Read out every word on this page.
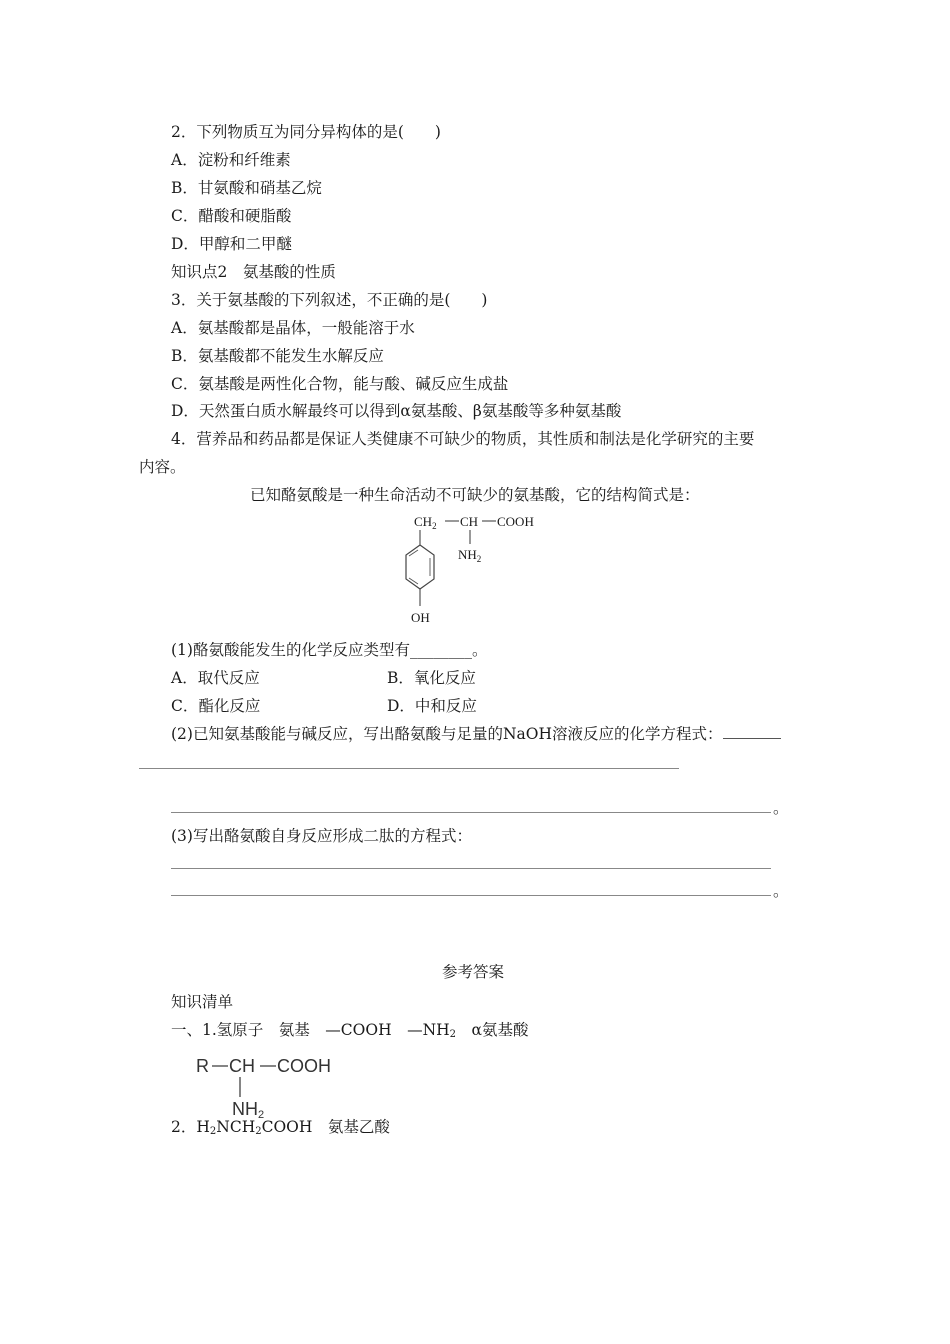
2．下列物质互为同分异构体的是(　　)
A．淀粉和纤维素
B．甘氨酸和硝基乙烷
C．醋酸和硬脂酸
D．甲醇和二甲醚
知识点2　氨基酸的性质
3．关于氨基酸的下列叙述，不正确的是(　　)
A．氨基酸都是晶体，一般能溶于水
B．氨基酸都不能发生水解反应
C．氨基酸是两性化合物，能与酸、碱反应生成盐
D．天然蛋白质水解最终可以得到α氨基酸、β氨基酸等多种氨基酸
4．营养品和药品都是保证人类健康不可缺少的物质，其性质和制法是化学研究的主要
内容。
已知酪氨酸是一种生命活动不可缺少的氨基酸，它的结构简式是：
$CH_2$ CH COOH
$NH_2$
OH
(1)酪氨酸能发生的化学反应类型有________。
A．取代反应	B．氧化反应
C．酯化反应	D．中和反应
(2)已知氨基酸能与碱反应，写出酪氨酸与足量的NaOH溶液反应的化学方程式：
。
(3)写出酪氨酸自身反应形成二肽的方程式：
。
参考答案
知识清单
一、1.氢原子　氨基　—COOH　$—NH_2$　α氨基酸
R CH COOH
NH2
2．$H_2NCH_2COOH$　氨基乙酸
